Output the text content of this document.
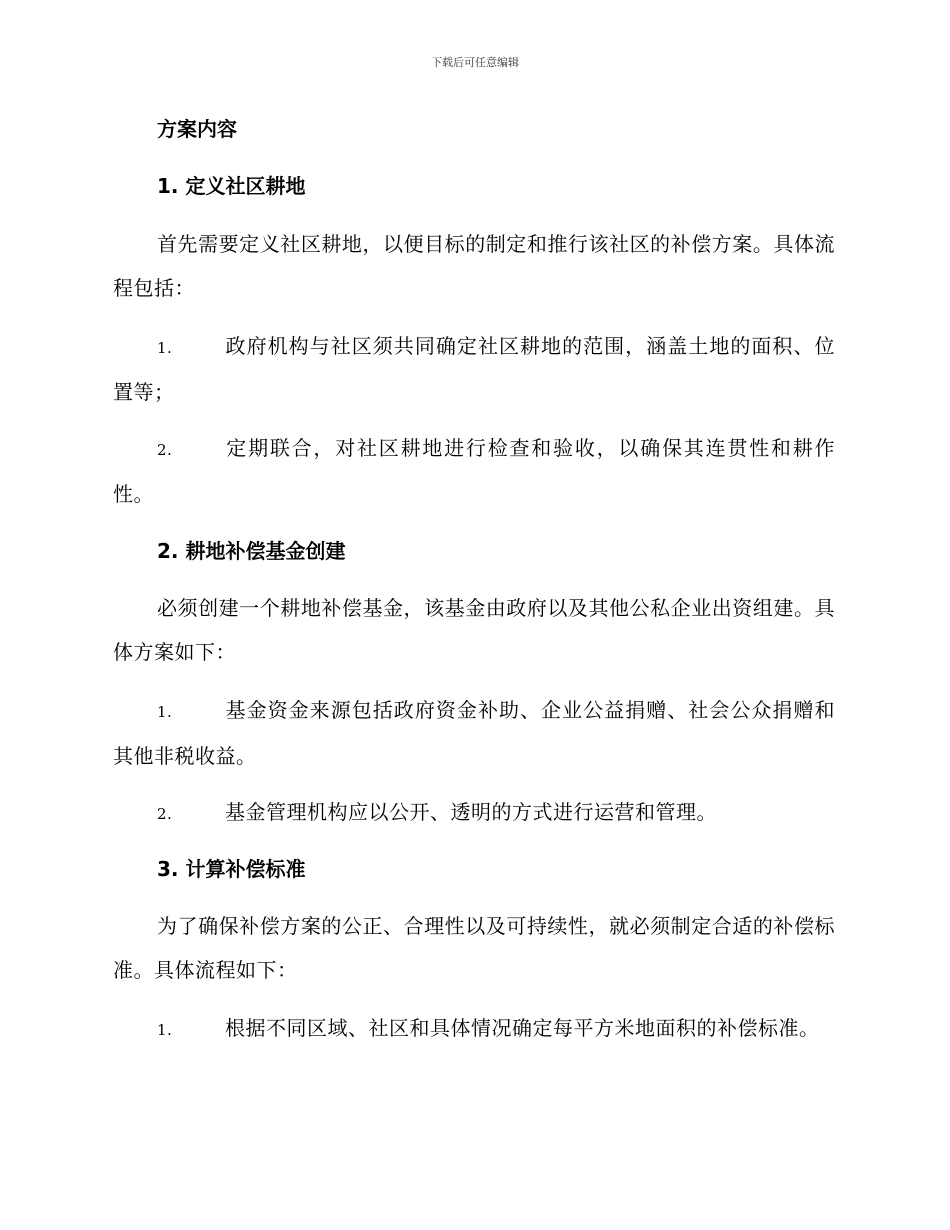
下载后可任意编辑
方案内容
1. 定义社区耕地
首先需要定义社区耕地，以便目标的制定和推行该社区的补偿方案。具体流程包括：
1.	政府机构与社区须共同确定社区耕地的范围，涵盖土地的面积、位置等；
2.	定期联合，对社区耕地进行检查和验收，以确保其连贯性和耕作性。
2. 耕地补偿基金创建
必须创建一个耕地补偿基金，该基金由政府以及其他公私企业出资组建。具体方案如下：
1.	基金资金来源包括政府资金补助、企业公益捐赠、社会公众捐赠和其他非税收益。
2.	基金管理机构应以公开、透明的方式进行运营和管理。
3. 计算补偿标准
为了确保补偿方案的公正、合理性以及可持续性，就必须制定合适的补偿标准。具体流程如下：
1.	根据不同区域、社区和具体情况确定每平方米地面积的补偿标准。
